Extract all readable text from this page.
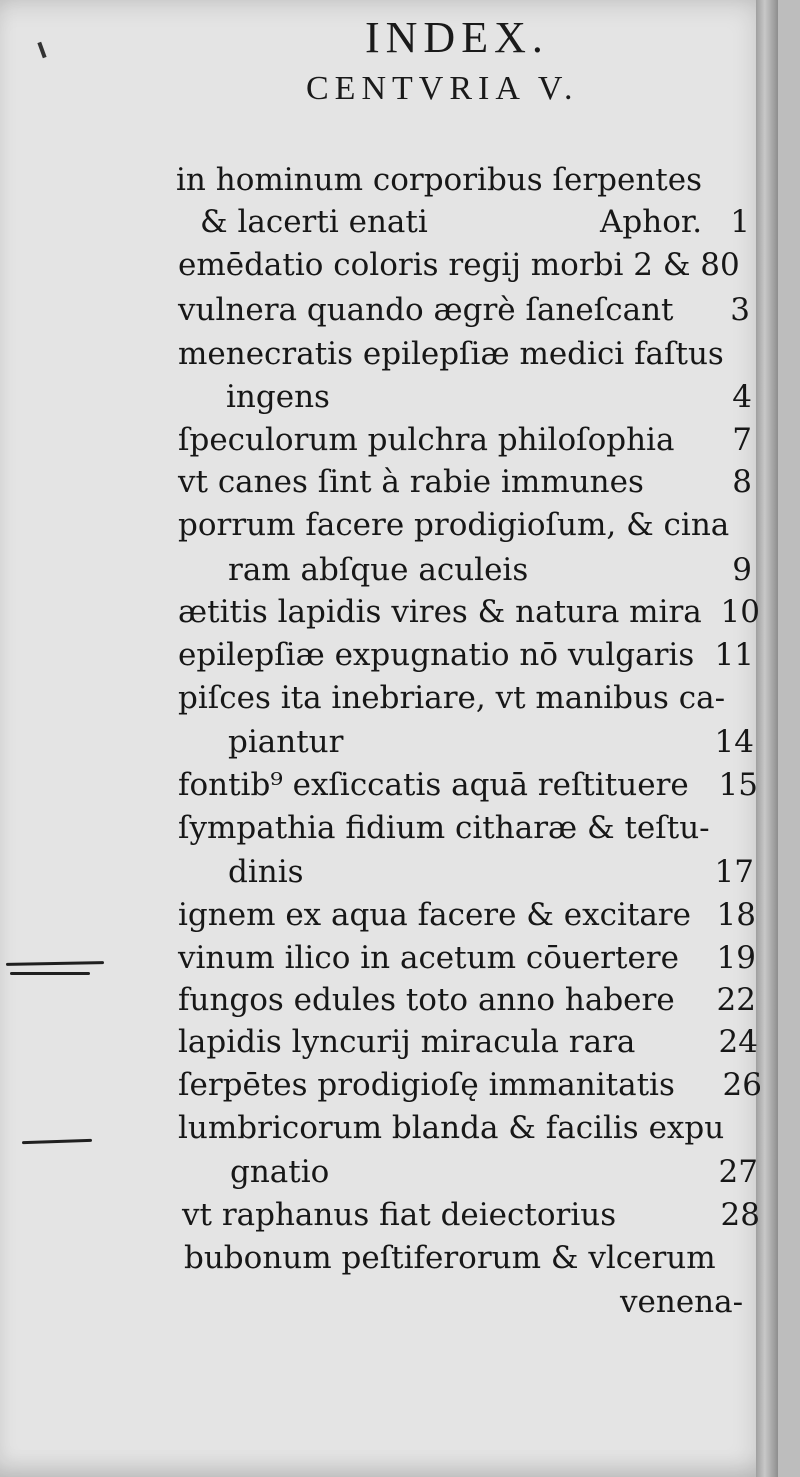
INDEX.
CENTVRIA V.
in hominum corporibus ſerpentes
& lacerti enati	Aphor. 1
emēdatio coloris regij morbi 2 & 80
vulnera quando ægrè ſaneſcant 3
menecratis epilepſiæ medici faſtus
ingens	4
ſpeculorum pulchra philoſophia 7
vt canes ſint à rabie immunes	8
porrum facere prodigioſum, & cina
ram abſque aculeis	9
ætitis lapidis vires & natura mira 10
epilepſiæ expugnatio nō vulgaris 11
piſces ita inebriare, vt manibus ca-
piantur	14
fontib⁹ exſiccatis aquā reſtituere 15
ſympathia fidium citharæ & teſtu-
dinis	17
ignem ex aqua facere & excitare 18
vinum ilico in acetum cōuertere 19
fungos edules toto anno habere 22
lapidis lyncurij miracula rara	24
ſerpētes prodigioſę immanitatis 26
lumbricorum blanda & facilis expu
gnatio	27
vt raphanus fiat deiectorius	28
bubonum peſtiferorum & vlcerum
venena-
